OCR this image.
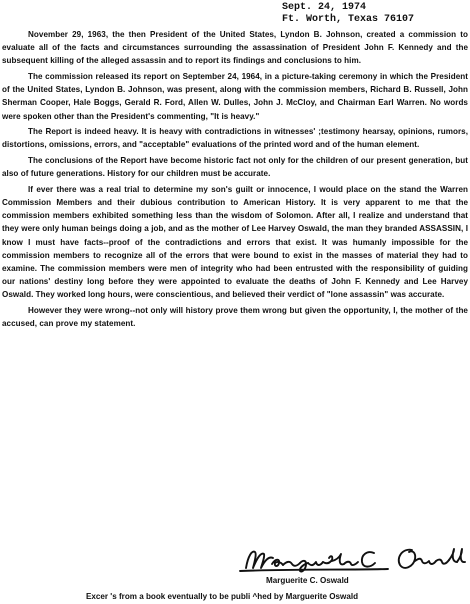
Sept. 24, 1974
Ft. Worth, Texas 76107

November 29, 1963, the then President of the United States, Lyndon B. Johnson, created a commission to evaluate all of the facts and circumstances surrounding the assassination of President John F. Kennedy and the subsequent killing of the alleged assassin and to report its findings and conclusions to him.

The commission released its report on September 24, 1964, in a picture-taking ceremony in which the President of the United States, Lyndon B. Johnson, was present, along with the commission members, Richard B. Russell, John Sherman Cooper, Hale Boggs, Gerald R. Ford, Allen W. Dulles, John J. McCloy, and Chairman Earl Warren. No words were spoken other than the President's commenting, "It is heavy."

The Report is indeed heavy. It is heavy with contradictions in witnesses' ;testimony hearsay, opinions, rumors, distortions, omissions, errors, and "acceptable" evaluations of the printed word and of the human element.

The conclusions of the Report have become historic fact not only for the children of our present generation, but also of future generations. History for our children must be accurate.

If ever there was a real trial to determine my son's guilt or innocence, I would place on the stand the Warren Commission Members and their dubious contribution to American History. It is very apparent to me that the commission members exhibited something less than the wisdom of Solomon. After all, I realize and understand that they were only human beings doing a job, and as the mother of Lee Harvey Oswald, the man they branded ASSASSIN, I know I must have facts--proof of the contradictions and errors that exist. It was humanly impossible for the commission members to recognize all of the errors that were bound to exist in the masses of material they had to examine. The commission members were men of integrity who had been entrusted with the responsibility of guiding our nations' destiny long before they were appointed to evaluate the deaths of John F. Kennedy and Lee Harvey Oswald. They worked long hours, were conscientious, and believed their verdict of "lone assassin" was accurate.

However they were wrong--not only will history prove them wrong but given the opportunity, I, the mother of the accused, can prove my statement.

Marguerite C. Oswald
Excer 's from a book eventually to be publi ^hed by Marguerite Oswald
